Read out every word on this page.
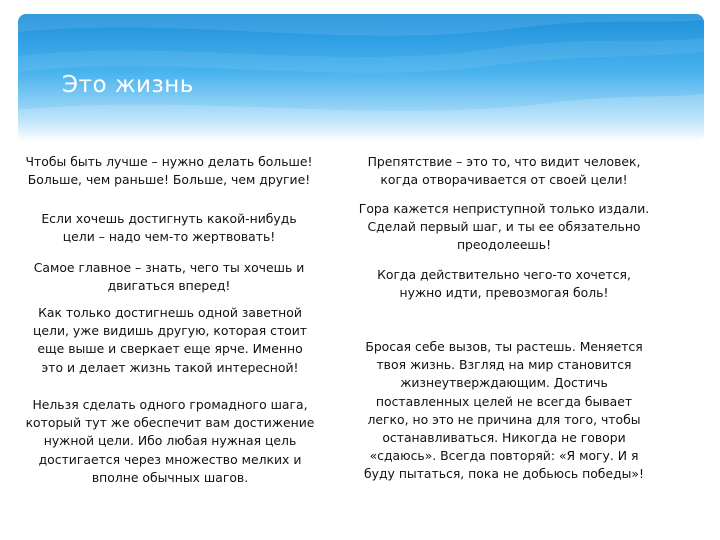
Это жизнь

Чтобы быть лучше – нужно делать больше! Больше, чем раньше! Больше, чем другие!

Если хочешь достигнуть какой-нибудь цели – надо чем-то жертвовать!

Самое главное – знать, чего ты хочешь и двигаться вперед!

Как только достигнешь одной заветной цели, уже видишь другую, которая стоит еще выше и сверкает еще ярче. Именно это и делает жизнь такой интересной!

Нельзя сделать одного громадного шага, который тут же обеспечит вам достижение нужной цели. Ибо любая нужная цель достигается через множество мелких и вполне обычных шагов.

Препятствие – это то, что видит человек, когда отворачивается от своей цели!

Гора кажется неприступной только издали. Сделай первый шаг, и ты ее обязательно преодолеешь!

Когда действительно чего-то хочется, нужно идти, превозмогая боль!

Бросая себе вызов, ты растешь. Меняется твоя жизнь. Взгляд на мир становится жизнеутверждающим. Достичь поставленных целей не всегда бывает легко, но это не причина для того, чтобы останавливаться. Никогда не говори «сдаюсь». Всегда повторяй: «Я могу. И я буду пытаться, пока не добьюсь победы»!
